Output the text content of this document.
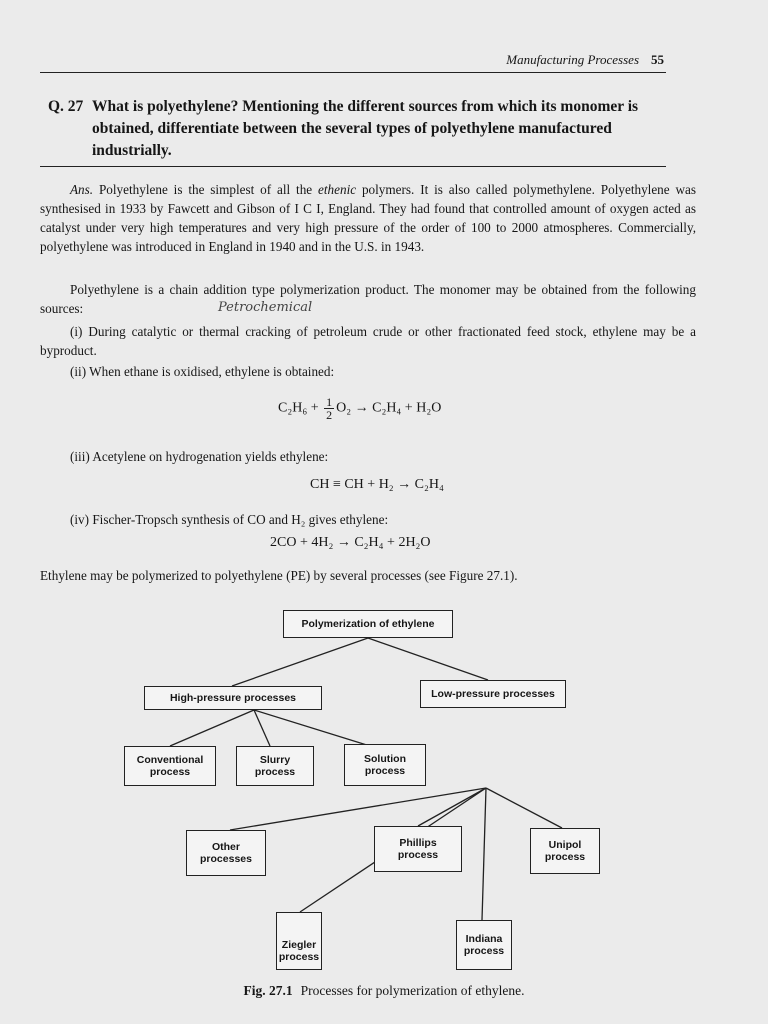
Manufacturing Processes 55
Q. 27 What is polyethylene? Mentioning the different sources from which its monomer is obtained, differentiate between the several types of polyethylene manufactured industrially.
Ans. Polyethylene is the simplest of all the ethenic polymers. It is also called polymethylene. Polyethylene was synthesised in 1933 by Fawcett and Gibson of I C I, England. They had found that controlled amount of oxygen acted as catalyst under very high temperatures and very high pressure of the order of 100 to 2000 atmospheres. Commercially, polyethylene was introduced in England in 1940 and in the U.S. in 1943.
Polyethylene is a chain addition type polymerization product. The monomer may be obtained from the following sources:	Petrochemical
(i) During catalytic or thermal cracking of petroleum crude or other fractionated feed stock, ethylene may be a byproduct.
(ii) When ethane is oxidised, ethylene is obtained:
$C_2H_6 + \frac{1}{2} O_2 \to C_2H_4 + H_2O$
(iii) Acetylene on hydrogenation yields ethylene:
CH ≡ CH + H₂ → C₂H₄
(iv) Fischer-Tropsch synthesis of CO and H₂ gives ethylene:
2CO + 4H₂ → C₂H₄ + 2H₂O
Ethylene may be polymerized to polyethylene (PE) by several processes (see Figure 27.1).
Polymerization of ethylene
High-pressure processes	Low-pressure processes
Conventional
process
Slurry
process
Solution
process
Other
processes
Phillips
process
Unipol
process
Ziegler
process
Indiana
process
Fig. 27.1 Processes for polymerization of ethylene.
